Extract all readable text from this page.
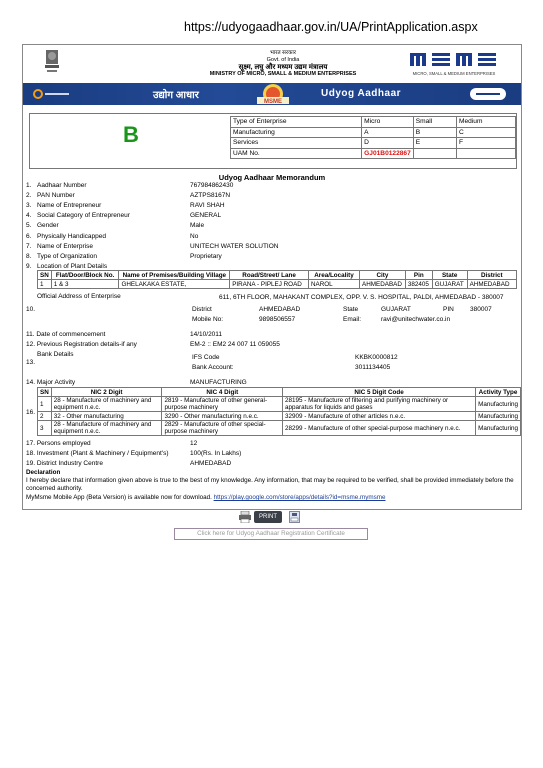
https://udyogaadhaar.gov.in/UA/PrintApplication.aspx
भारत सरकार
Govt. of India
सूक्ष्म, लघु और मध्यम उद्यम मंत्रालय
MINISTRY OF MICRO, SMALL & MEDIUM ENTERPRISES	MICRO, SMALL & MEDIUM ENTERPRISES
उद्योग आधार
MSME
Udyog Aadhaar
B
Type of Enterprise	Micro	Small	Medium
Manufacturing	A	B	C
Services	D	E	F
UAM No.	GJ01B0122867		
Udyog Aadhaar Memorandum
1. Aadhaar Number	767984862430
2. PAN Number	AZTPS8167N
3. Name of Entrepreneur	RAVI SHAH
4. Social Category of Entrepreneur	GENERAL
5. Gender	Male
6. Physically Handicapped	No
7. Name of Enterprise	UNITECH WATER SOLUTION
8. Type of Organization	Proprietary
9. Location of Plant Details
SN	Flat/Door/Block No.	Name of Premises/Building Village	Road/Street/ Lane	Area/Locality	City	Pin	State	District
1	1 & 3	GHELAKAKA ESTATE,	PIRANA - PIPLEJ ROAD	NAROL	AHMEDABAD	382405	GUJARAT	AHMEDABAD
Official Address of Enterprise	611, 6TH FLOOR, MAHAKANT COMPLEX, OPP. V. S. HOSPITAL, PALDI, AHMEDABAD - 380007
10.	District	AHMEDABAD	State	GUJARAT	PIN 380007
Mobile No:	9898506557	Email:	ravi@unitechwater.co.in
11. Date of commencement	14/10/2011
12. Previous Registration details-if any	EM-2 :: EM2 24 007 11 059055
Bank Details
13.
IFS Code	KKBK0000812
Bank Account:	3011134405
14. Major Activity	MANUFACTURING
16.
SN	NIC 2 Digit	NIC 4 Digit	NIC 5 Digit Code	Activity Type
1	28 - Manufacture of machinery and equipment n.e.c.	2819 - Manufacture of other general-purpose machinery	28195 - Manufacture of filtering and purifying machinery or apparatus for liquids and gases	Manufacturing
2	32 - Other manufacturing	3290 - Other manufacturing n.e.c.	32909 - Manufacture of other articles n.e.c.	Manufacturing
3	28 - Manufacture of machinery and equipment n.e.c.	2829 - Manufacture of other special-purpose machinery	28299 - Manufacture of other special-purpose machinery n.e.c.	Manufacturing
17. Persons employed	12
18. Investment (Plant & Machinery / Equipment's)	100(Rs. In Lakhs)
19. District Industry Centre	AHMEDABAD
Declaration
I hereby declare that information given above is true to the best of my knowledge. Any information, that may be required to be verified, shall be provided immediately before the concerned authority.
MyMsme Mobile App (Beta Version) is available now for download. https://play.google.com/store/apps/details?id=msme.mymsme
PRINT
Click here for Udyog Aadhaar Registration Certificate
